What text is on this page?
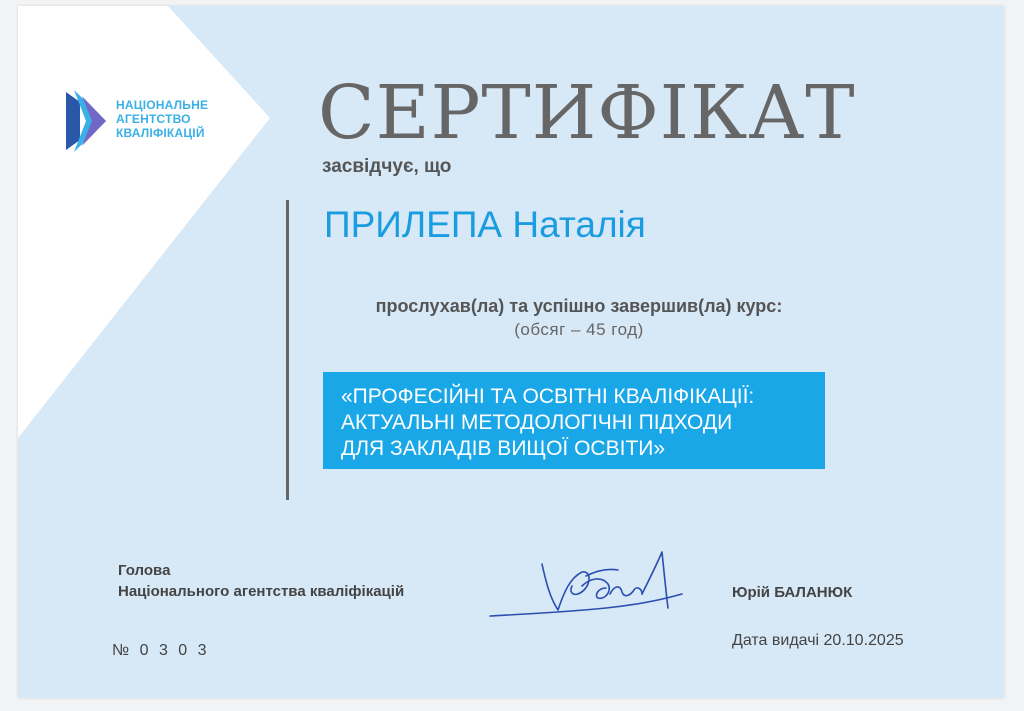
НАЦІОНАЛЬНЕ
АГЕНТСТВО
КВАЛІФІКАЦІЙ СЕРТИФІКАТ
засвідчує, що
ПРИЛЕПА Наталія
прослухав(ла) та успішно завершив(ла) курс:
(обсяг – 45 год)
«ПРОФЕСІЙНІ ТА ОСВІТНІ КВАЛІФІКАЦІЇ:
АКТУАЛЬНІ МЕТОДОЛОГІЧНІ ПІДХОДИ
ДЛЯ ЗАКЛАДІВ ВИЩОЇ ОСВІТИ»
Голова
Національного агентства кваліфікацій	Юрій БАЛАНЮК
№ 0 3 0 3
Дата видачі 20.10.2025
